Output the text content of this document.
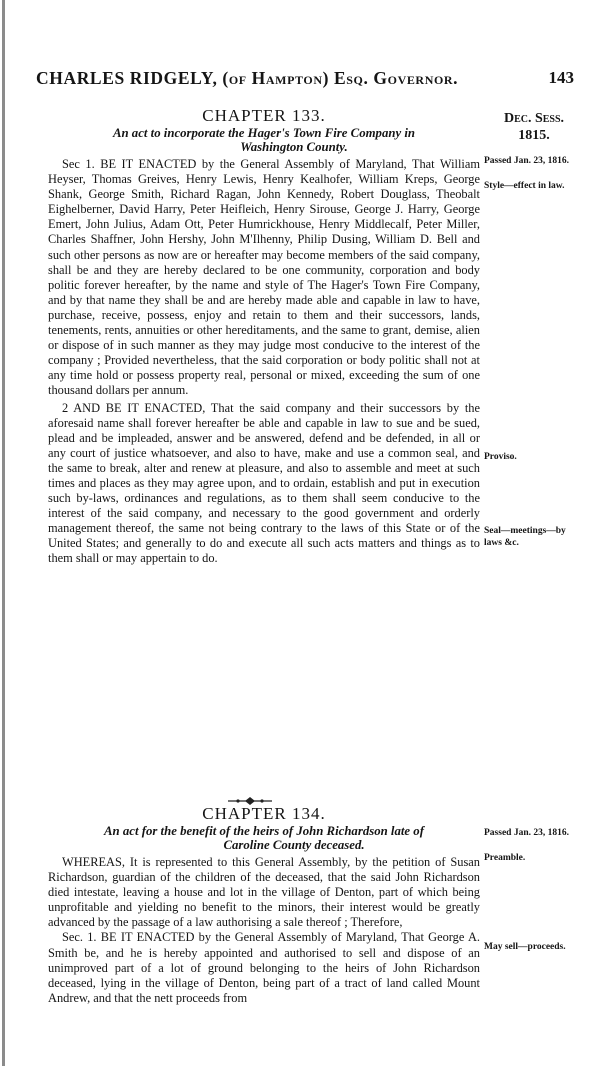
CHARLES RIDGELY, (of Hampton) Esq. Governor.	143
Dec. Sess.
1815.

CHAPTER 133.

An act to incorporate the Hager's Town Fire Company in
Washington County.

Sec 1. BE IT ENACTED by the General Assembly of Maryland, That William Heyser, Thomas Greives, Henry Lewis, Henry Kealhofer, William Kreps, George Shank, George Smith, Richard Ragan, John Kennedy, Robert Douglass, Theobalt Eighelberner, David Harry, Peter Heifleich, Henry Sirouse, George J. Harry, George Emert, John Julius, Adam Ott, Peter Humrickhouse, Henry Middlecalf, Peter Miller, Charles Shaffner, John Hershy, John M'Ilhenny, Philip Dusing, William D. Bell and such other persons as now are or hereafter may become members of the said company, shall be and they are hereby declared to be one community, corporation and body politic forever hereafter, by the name and style of The Hager's Town Fire Company, and by that name they shall be and are hereby made able and capable in law to have, purchase, receive, possess, enjoy and retain to them and their successors, lands, tenements, rents, annuities or other hereditaments, and the same to grant, demise, alien or dispose of in such manner as they may judge most conducive to the interest of the company ; Provided nevertheless, that the said corporation or body politic shall not at any time hold or possess property real, personal or mixed, exceeding the sum of one thousand dollars per annum.

2 AND BE IT ENACTED, That the said company and their successors by the aforesaid name shall forever hereafter be able and capable in law to sue and be sued, plead and be impleaded, answer and be answered, defend and be defended, in all or any court of justice whatsoever, and also to have, make and use a common seal, and the same to break, alter and renew at pleasure, and also to assemble and meet at such times and places as they may agree upon, and to ordain, establish and put in execution such by-laws, ordinances and regulations, as to them shall seem conducive to the interest of the said company, and necessary to the good government and orderly management thereof, the same not being contrary to the laws of this State or of the United States; and generally to do and execute all such acts matters and things as to them shall or may appertain to do.

CHAPTER 134.

An act for the benefit of the heirs of John Richardson late of
Caroline County deceased.

WHEREAS, It is represented to this General Assembly, by the petition of Susan Richardson, guardian of the children of the deceased, that the said John Richardson died intestate, leaving a house and lot in the village of Denton, part of which being unprofitable and yielding no benefit to the minors, their interest would be greatly advanced by the passage of a law authorising a sale thereof ; Therefore,

Sec. 1. BE IT ENACTED by the General Assembly of Maryland, That George A. Smith be, and he is hereby appointed and authorised to sell and dispose of an unimproved part of a lot of ground belonging to the heirs of John Richardson deceased, lying in the village of Denton, being part of a tract of land called Mount Andrew, and that the nett proceeds from

Passed Jan. 23, 1816.
Style—effect in law.
Proviso.
Seal—meetings—by laws &c.
Passed Jan. 23, 1816.
Preamble.
May sell—proceeds.
